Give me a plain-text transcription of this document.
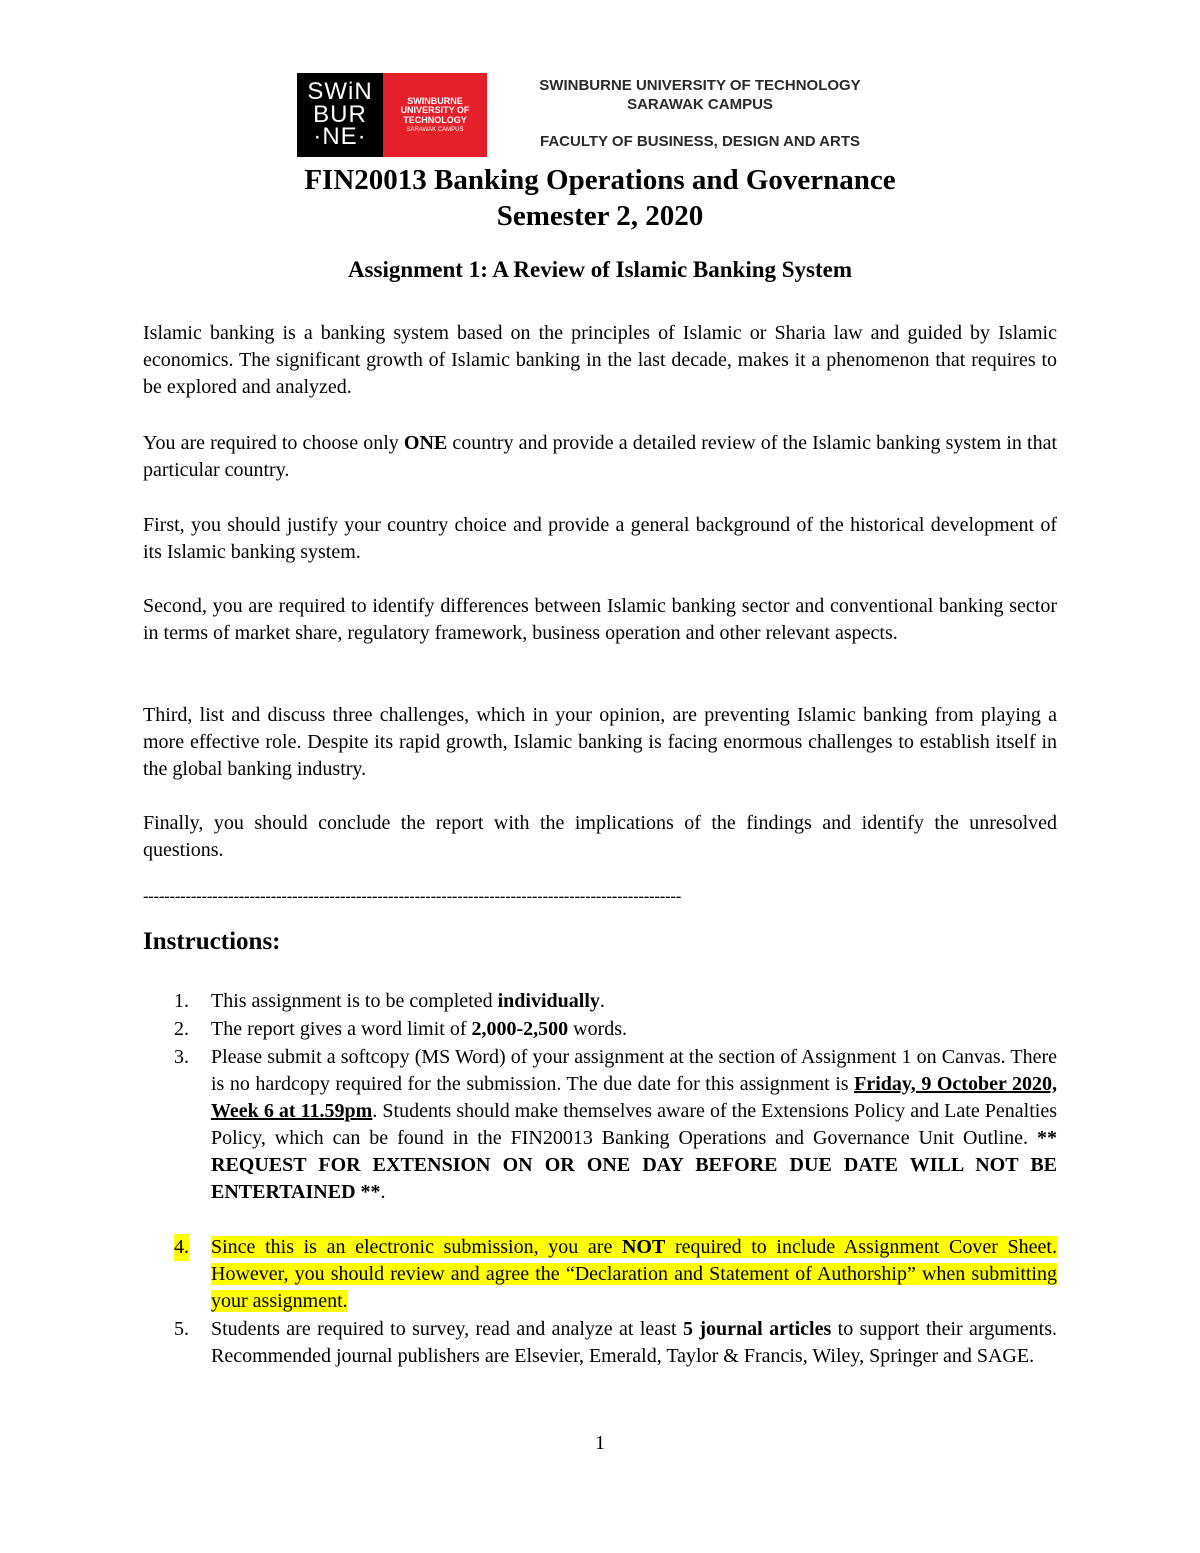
SWiN
BUR
·NE·
SWINBURNE
UNIVERSITY OF
TECHNOLOGY
SARAWAK CAMPUS
SWINBURNE UNIVERSITY OF TECHNOLOGY
SARAWAK CAMPUS
FACULTY OF BUSINESS, DESIGN AND ARTS
FIN20013 Banking Operations and Governance
Semester 2, 2020
Assignment 1: A Review of Islamic Banking System
Islamic banking is a banking system based on the principles of Islamic or Sharia law and guided by Islamic economics. The significant growth of Islamic banking in the last decade, makes it a phenomenon that requires to be explored and analyzed.
You are required to choose only ONE country and provide a detailed review of the Islamic banking system in that particular country.
First, you should justify your country choice and provide a general background of the historical development of its Islamic banking system.
Second, you are required to identify differences between Islamic banking sector and conventional banking sector in terms of market share, regulatory framework, business operation and other relevant aspects.
Third, list and discuss three challenges, which in your opinion, are preventing Islamic banking from playing a more effective role. Despite its rapid growth, Islamic banking is facing enormous challenges to establish itself in the global banking industry.
Finally, you should conclude the report with the implications of the findings and identify the unresolved questions.
-----------------------------------------------------------------------------------------------------
Instructions:
1. This assignment is to be completed individually.
2. The report gives a word limit of 2,000-2,500 words.
3. Please submit a softcopy (MS Word) of your assignment at the section of Assignment 1 on Canvas. There is no hardcopy required for the submission. The due date for this assignment is Friday, 9 October 2020, Week 6 at 11.59pm. Students should make themselves aware of the Extensions Policy and Late Penalties Policy, which can be found in the FIN20013 Banking Operations and Governance Unit Outline. ** REQUEST FOR EXTENSION ON OR ONE DAY BEFORE DUE DATE WILL NOT BE ENTERTAINED **.
4. Since this is an electronic submission, you are NOT required to include Assignment Cover Sheet. However, you should review and agree the “Declaration and Statement of Authorship” when submitting your assignment.
5. Students are required to survey, read and analyze at least 5 journal articles to support their arguments. Recommended journal publishers are Elsevier, Emerald, Taylor & Francis, Wiley, Springer and SAGE.
1
